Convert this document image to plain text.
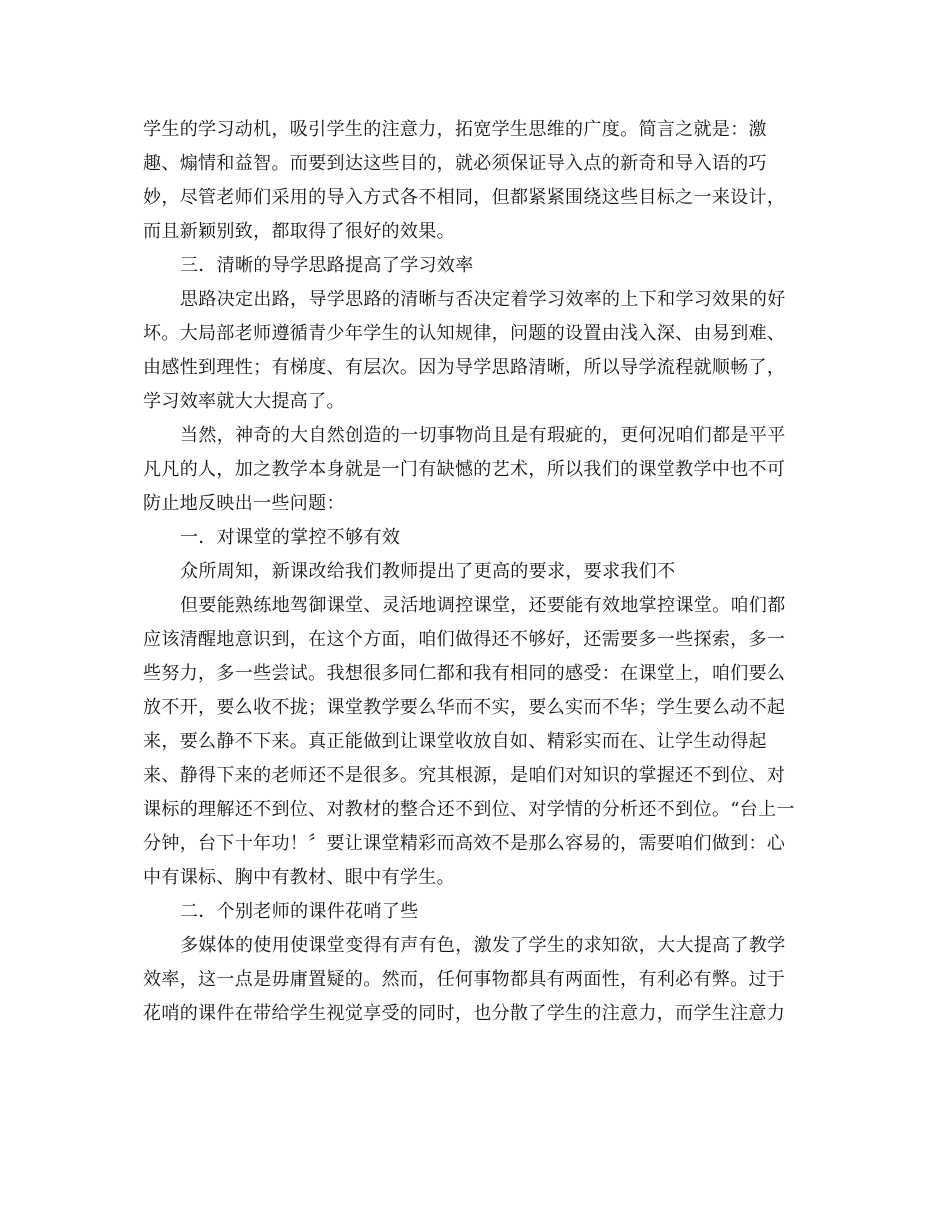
学生的学习动机，吸引学生的注意力，拓宽学生思维的广度。简言之就是：激
趣、煽情和益智。而要到达这些目的，就必须保证导入点的新奇和导入语的巧
妙，尽管老师们采用的导入方式各不相同，但都紧紧围绕这些目标之一来设计，
而且新颖别致，都取得了很好的效果。
三．清晰的导学思路提高了学习效率
思路决定出路，导学思路的清晰与否决定着学习效率的上下和学习效果的好
坏。大局部老师遵循青少年学生的认知规律，问题的设置由浅入深、由易到难、
由感性到理性；有梯度、有层次。因为导学思路清晰，所以导学流程就顺畅了，
学习效率就大大提高了。
当然，神奇的大自然创造的一切事物尚且是有瑕疵的，更何况咱们都是平平
凡凡的人，加之教学本身就是一门有缺憾的艺术，所以我们的课堂教学中也不可
防止地反映出一些问题：
一．对课堂的掌控不够有效
众所周知，新课改给我们教师提出了更高的要求，要求我们不
但要能熟练地驾御课堂、灵活地调控课堂，还要能有效地掌控课堂。咱们都
应该清醒地意识到，在这个方面，咱们做得还不够好，还需要多一些探索，多一
些努力，多一些尝试。我想很多同仁都和我有相同的感受：在课堂上，咱们要么
放不开，要么收不拢；课堂教学要么华而不实，要么实而不华；学生要么动不起
来，要么静不下来。真正能做到让课堂收放自如、精彩实而在、让学生动得起
来、静得下来的老师还不是很多。究其根源，是咱们对知识的掌握还不到位、对
课标的理解还不到位、对教材的整合还不到位、对学情的分析还不到位。“台上一
分钟，台下十年功！〞要让课堂精彩而高效不是那么容易的，需要咱们做到：心
中有课标、胸中有教材、眼中有学生。
二．个别老师的课件花哨了些
多媒体的使用使课堂变得有声有色，激发了学生的求知欲，大大提高了教学
效率，这一点是毋庸置疑的。然而，任何事物都具有两面性，有利必有弊。过于
花哨的课件在带给学生视觉享受的同时，也分散了学生的注意力，而学生注意力
